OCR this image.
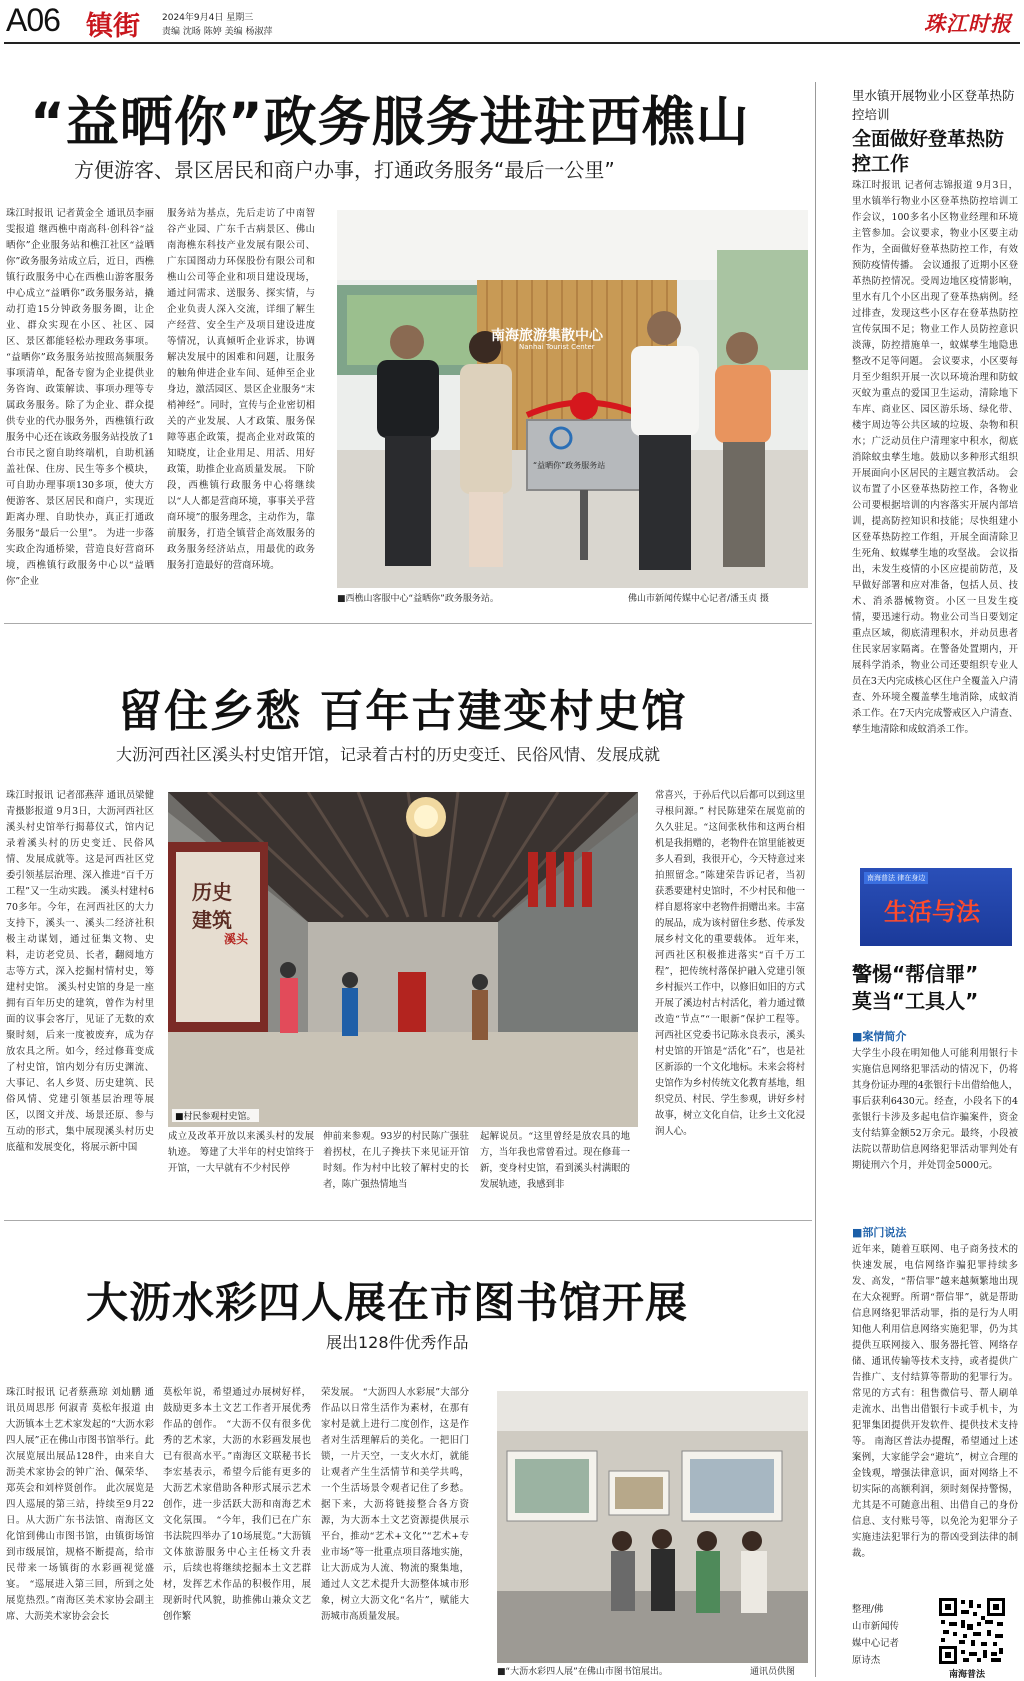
A06 镇街 2024年9月4日 星期三
责编 沈旸 陈婷 美编 杨淑萍	珠江时报
“益晒你”政务服务进驻西樵山
方便游客、景区居民和商户办事，打通政务服务“最后一公里”
珠江时报讯 记者黄金全 通讯员李丽雯报道 继西樵中南高科·创科谷“益晒你”企业服务站和樵江社区“益晒你”政务服务站成立后，近日，西樵镇行政服务中心在西樵山游客服务中心成立“益晒你”政务服务站，撬动打造15分钟政务服务圈，让企业、群众实现在小区、社区、园区、景区都能轻松办理政务事项。 “益晒你”政务服务站按照高频服务事项清单，配备专窗为企业提供业务咨询、政策解读、事项办理等专属政务服务。除了为企业、群众提供专业的代办服务外，西樵镇行政服务中心还在该政务服务站投放了1台市民之窗自助终端机，自助机涵盖社保、住房、民生等多个模块，可自助办理事项130多项，使大方便游客、景区居民和商户，实现近距离办理、自助快办，真正打通政务服务“最后一公里”。 为进一步落实政企沟通桥梁，营造良好营商环境，西樵镇行政服务中心以“益晒你”企业
服务站为基点，先后走访了中南智谷产业园、广东千古病景区、佛山南海樵东科技产业发展有限公司、广东国图动力环保股份有限公司和樵山公司等企业和项目建设现场，通过问需求、送服务、探实情，与企业负责人深入交流，详细了解生产经营、安全生产及项目建设进度等情况，认真倾听企业诉求，协调解决发展中的困难和问题，让服务的触角伸进企业车间、延伸至企业身边，激活园区、景区企业服务“末梢神经”。同时，宣传与企业密切相关的产业发展、人才政策、服务保障等惠企政策，提高企业对政策的知晓度，让企业用足、用活、用好政策，助推企业高质量发展。 下阶段，西樵镇行政服务中心将继续以“人人都是营商环境，事事关乎营商环境”的服务理念，主动作为，靠前服务，打造全镇营企高效服务的政务服务经济站点，用最优的政务服务打造最好的营商环境。
南海旅游集散中心
Nanhai Tourist Center
“益晒你”政务服务站
■西樵山客服中心“益晒你”政务服务站。	佛山市新闻传媒中心记者/潘玉贞 摄
留住乡愁 百年古建变村史馆
大沥河西社区溪头村史馆开馆，记录着古村的历史变迁、民俗风情、发展成就
珠江时报讯 记者邵燕萍 通讯员梁健青摄影报道 9月3日，大沥河西社区溪头村史馆举行揭幕仪式，馆内记录着溪头村的历史变迁、民俗风情、发展成就等。这是河西社区党委引领基层治理、深入推进“百千万工程”又一生动实践。 溪头村建村670多年。今年，在河西社区的大力支持下，溪头一、溪头二经济社积极主动谋划，通过征集文物、史料，走访老党员、长者，翻阅地方志等方式，深入挖掘村情村史，筹建村史馆。 溪头村史馆的身是一座拥有百年历史的建筑，曾作为村里面的议事会客厅，见证了无数的欢聚时刻，后来一度被废弃，成为存放农具之所。如今，经过修葺变成了村史馆，馆内划分有历史渊流、大事记、名人乡贤、历史建筑、民俗风情、党建引领基层治理等展区，以图文并茂、场景还原、参与互动的形式，集中展现溪头村历史底蕴和发展变化，将展示新中国
历史
建筑
溪头
■村民参观村史馆。
成立及改革开放以来溪头村的发展轨迹。 筹建了大半年的村史馆终于开馆，一大早就有不少村民停
伸前来参观。93岁的村民陈广强驻着拐杖，在儿子搀扶下来见证开馆时刻。作为村中比较了解村史的长者，陈广强热情地当
起解说员。“这里曾经是放农具的地方，当年我也常曾看过。现在修葺一新，变身村史馆，看到溪头村满眼的发展轨迹，我感到非
常喜兴，于孙后代以后都可以到这里寻根问源。” 村民陈建荣在展览前的久久驻足。“这间张秋伟和这两台相机是我捐赠的，老物件在馆里能被更多人看到，我很开心，今天特意过来拍照留念。”陈建荣告诉记者，当初获悉要建村史馆时，不少村民和他一样自愿将家中老物件捐赠出来。丰富的展品，成为该村留住乡愁、传承发展乡村文化的重要载体。 近年来，河西社区积极推进落实“百千万工程”，把传统村落保护融入党建引领乡村振兴工作中，以修旧如旧的方式开展了溪边村古村活化，着力通过微改造“节点”“一眼新”保护工程等。河西社区党委书记陈永良表示，溪头村史馆的开馆是“活化”石”，也是社区新添的一个文化地标。未来会将村史馆作为乡村传统文化教育基地，组织党员、村民、学生参观，讲好乡村故事，树立文化自信，让乡土文化浸润人心。
大沥水彩四人展在市图书馆开展
展出128件优秀作品
珠江时报讯 记者蔡燕琼 刘灿鹏 通讯员周思彤 何淑青 莫松年报道 由大沥镇本土艺术家发起的“大沥水彩四人展”正在佛山市图书馆举行。此次展览展出展品128件，由来自大沥美术家协会的钟广治、佩荣华、郑英会和刘梓贤创作。 此次展览是四人巡展的第三站，持续至9月22日。从大沥广东书法馆、南海区文化馆到佛山市图书馆，由镇街场馆到市级展馆，规格不断提高，给市民带来一场镇街的水彩画视觉盛宴。 “巡展进入第三回，所到之处展览热烈。”南海区美术家协会副主席、大沥美术家协会会长
莫松年说，希望通过办展树好样，鼓励更多本土文艺工作者开展优秀作品的创作。 “大沥不仅有很多优秀的艺术家，大沥的水彩画发展也已有很高水平。”南海区文联秘书长李宏基表示，希望今后能有更多的大沥艺术家借助各种形式展示艺术创作，进一步活跃大沥和南海艺术文化氛围。 “今年，我们已在广东书法院四举办了10场展览。”大沥镇文体旅游服务中心主任杨文升表示，后续也将继续挖掘本土文艺群材，发挥艺术作品的积极作用，展现新时代风貌，助推佛山兼众文艺创作繁
荣发展。 “大沥四人水彩展”大部分作品以日常生活作为素材，在那有家村是就上进行二度创作，这是作者对生活理解后的美化。一把旧门锁，一片天空，一支火水灯，就能让观者产生生活情节和美学共鸣，一个生活场景令观者记住了乡愁。 据下来，大沥将链接整合各方资源，为大沥本土文艺资源提供展示平台，推动“艺术+文化”“艺术+专业市场”等一批重点项目落地实施，让大沥成为人流、物流的聚集地，通过人文艺术提升大沥整体城市形象，树立大沥文化“名片”，赋能大沥城市高质量发展。
■“大沥水彩四人展”在佛山市图书馆展出。	通讯员供图
里水镇开展物业小区登革热防控培训
全面做好登革热防控工作
珠江时报讯 记者何志锦报道 9月3日，里水镇举行物业小区登革热防控培训工作会议，100多名小区物业经理和环境主管参加。会议要求，物业小区要主动作为，全面做好登革热防控工作，有效预防疫情传播。 会议通报了近期小区登革热防控情况。受周边地区疫情影响，里水有几个小区出现了登革热病例。经过排查，发现这些小区存在登革热防控宣传氛围不足；物业工作人员防控意识淡薄，防控措施单一，蚊媒孳生地隐患整改不足等问题。 会议要求，小区要每月至少组织开展一次以环境治理和防蚊灭蚊为重点的爱国卫生运动，清除地下车库、商业区、园区游乐场、绿化带、楼宇周边等公共区域的垃圾、杂物和积水；广泛动员住户清理家中积水，彻底消除蚊虫孳生地。鼓励以多种形式组织开展面向小区居民的主题宣教活动。 会议布置了小区登革热防控工作，各物业公司要根据培训的内容落实开展内部培训，提高防控知识和技能；尽快组建小区登革热防控工作组，开展全面清除卫生死角、蚊媒孳生地的攻坚战。 会议指出，未发生疫情的小区应提前防范，及早做好部署和应对准备，包括人员、技术、消杀器械物资。小区一旦发生疫情，要迅速行动。物业公司当日要划定重点区域，彻底清理积水，并动员患者住民家居家隔离。在警备处置期内，开展科学消杀，物业公司还要组织专业人员在3天内完成核心区住户全覆盖入户清查、外环境全覆盖孳生地消除，成蚊消杀工作。在7天内完成警戒区入户清查、孳生地清除和成蚊消杀工作。
南海普法 律在身边
生活与法
警惕“帮信罪”
莫当“工具人”
■案情简介
大学生小段在明知他人可能利用银行卡实施信息网络犯罪活动的情况下，仍将其身份证办理的4张银行卡出借给他人，事后获利6430元。经查，小段名下的4张银行卡涉及多起电信诈骗案件，资金支付结算金额52万余元。最终，小段被法院以帮助信息网络犯罪活动罪判处有期徒刑六个月，并处罚金5000元。
■部门说法
近年来，随着互联网、电子商务技术的快速发展，电信网络诈骗犯罪持续多发、高发，“帮信罪”越来越频繁地出现在大众视野。所谓“帮信罪”，就是帮助信息网络犯罪活动罪，指的是行为人明知他人利用信息网络实施犯罪，仍为其提供互联网接入、服务器托管、网络存储、通讯传输等技术支持，或者提供广告推广、支付结算等帮助的犯罪行为。常见的方式有：租售微信号、帮人刷单走流水、出售出借银行卡或手机卡，为犯罪集团提供开发软件、提供技术支持等。 南海区普法办提醒，希望通过上述案例，大家能学会“避坑”，树立合理的金钱观，增强法律意识，面对网络上不切实际的高额利润，须时刻保持警惕，尤其是不可随意出租、出借自己的身份信息、支付账号等，以免沦为犯罪分子实施违法犯罪行为的帮凶受到法律的制裁。
整理/佛
山市新闻传
媒中心记者
原诗杰
南海普法
